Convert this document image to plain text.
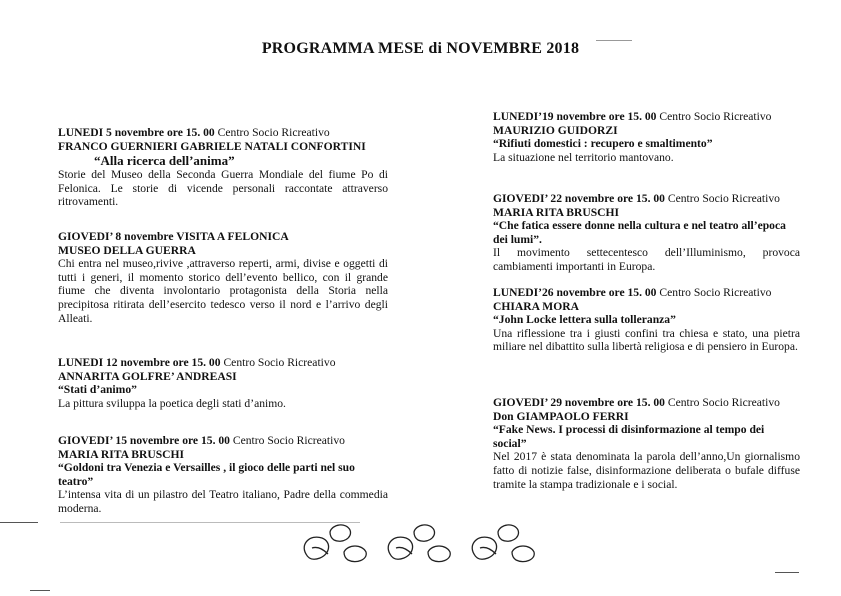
PROGRAMMA MESE di NOVEMBRE 2018
LUNEDI 5 novembre ore 15. 00 Centro Socio Ricreativo
FRANCO GUERNIERI GABRIELE NATALI CONFORTINI
“Alla ricerca dell’anima”
Storie del Museo della Seconda Guerra Mondiale del fiume Po di Felonica. Le storie di vicende personali raccontate attraverso ritrovamenti.
GIOVEDI’ 8 novembre VISITA A FELONICA
MUSEO DELLA GUERRA
Chi entra nel museo,rivive ,attraverso reperti, armi, divise e oggetti di tutti i generi, il momento storico dell’evento bellico, con il grande fiume che diventa involontario protagonista della Storia nella precipitosa ritirata dell’esercito tedesco verso il nord e l’arrivo degli Alleati.
LUNEDI 12 novembre ore 15. 00 Centro Socio Ricreativo
ANNARITA GOLFRE’ ANDREASI
“Stati d’animo”
La pittura sviluppa la poetica degli stati d’animo.
GIOVEDI’ 15 novembre ore 15. 00 Centro Socio Ricreativo
MARIA RITA BRUSCHI
“Goldoni tra Venezia e Versailles , il gioco delle parti nel suo teatro”
L’intensa vita di un pilastro del Teatro italiano, Padre della commedia moderna.
LUNEDI’19 novembre ore 15. 00 Centro Socio Ricreativo
MAURIZIO GUIDORZI
“Rifiuti domestici : recupero e smaltimento”
La situazione nel territorio mantovano.
GIOVEDI’ 22 novembre ore 15. 00 Centro Socio Ricreativo
MARIA RITA BRUSCHI
“Che fatica essere donne nella cultura e nel teatro all’epoca dei lumi”.
Il movimento settecentesco dell’Illuminismo, provoca cambiamenti importanti in Europa.
LUNEDI’26 novembre ore 15. 00 Centro Socio Ricreativo
CHIARA MORA
“John Locke lettera sulla tolleranza”
Una riflessione tra i giusti confini tra chiesa e stato, una pietra miliare nel dibattito sulla libertà religiosa e di pensiero in Europa.
GIOVEDI’ 29 novembre ore 15. 00 Centro Socio Ricreativo
Don GIAMPAOLO FERRI
“Fake News. I processi di disinformazione al tempo dei social”
Nel 2017 è stata denominata la parola dell’anno,Un giornalismo fatto di notizie false, disinformazione deliberata o bufale diffuse tramite la stampa tradizionale e i social.
